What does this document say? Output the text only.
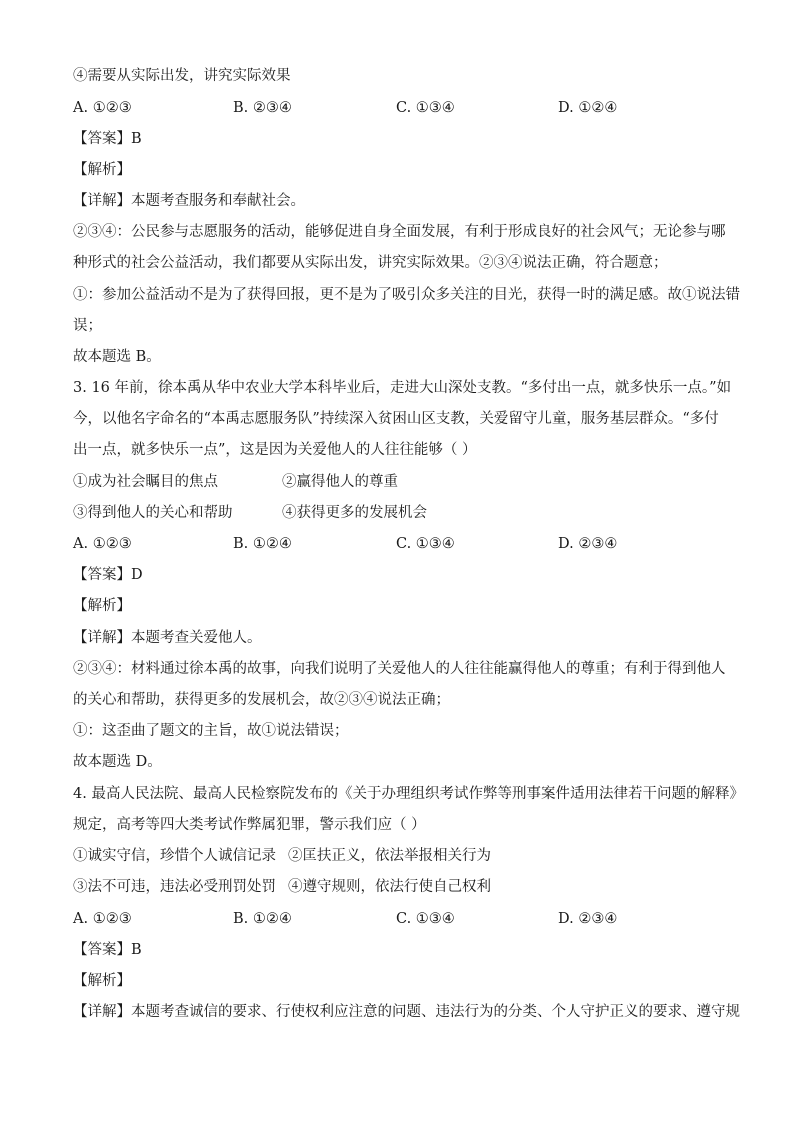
④需要从实际出发，讲究实际效果
A. ①②③	B. ②③④	C. ①③④	D. ①②④
【答案】B
【解析】
【详解】本题考查服务和奉献社会。
②③④：公民参与志愿服务的活动，能够促进自身全面发展，有利于形成良好的社会风气；无论参与哪
种形式的社会公益活动，我们都要从实际出发，讲究实际效果。②③④说法正确，符合题意；
①：参加公益活动不是为了获得回报，更不是为了吸引众多关注的目光，获得一时的满足感。故①说法错
误；
故本题选 B。
3. 16 年前，徐本禹从华中农业大学本科毕业后，走进大山深处支教。“多付出一点，就多快乐一点。”如
今，以他名字命名的“本禹志愿服务队”持续深入贫困山区支教，关爱留守儿童，服务基层群众。“多付
出一点，就多快乐一点”，这是因为关爱他人的人往往能够（ ）
①成为社会瞩目的焦点	②赢得他人的尊重
③得到他人的关心和帮助	④获得更多的发展机会
A. ①②③	B. ①②④	C. ①③④	D. ②③④
【答案】D
【解析】
【详解】本题考查关爱他人。
②③④：材料通过徐本禹的故事，向我们说明了关爱他人的人往往能赢得他人的尊重；有利于得到他人
的关心和帮助，获得更多的发展机会，故②③④说法正确；
①：这歪曲了题文的主旨，故①说法错误；
故本题选 D。
4. 最高人民法院、最高人民检察院发布的《关于办理组织考试作弊等刑事案件适用法律若干问题的解释》
规定，高考等四大类考试作弊属犯罪，警示我们应（ ）
①诚实守信，珍惜个人诚信记录 ②匡扶正义，依法举报相关行为
③法不可违，违法必受刑罚处罚 ④遵守规则，依法行使自己权利
A. ①②③	B. ①②④	C. ①③④	D. ②③④
【答案】B
【解析】
【详解】本题考查诚信的要求、行使权利应注意的问题、违法行为的分类、个人守护正义的要求、遵守规
